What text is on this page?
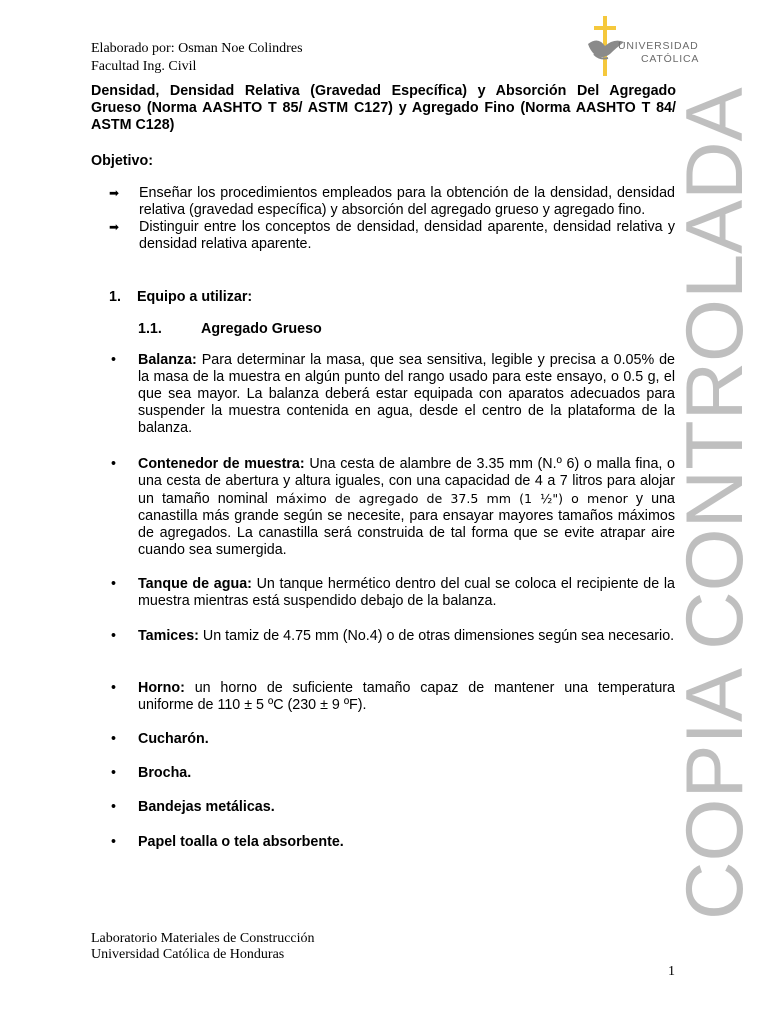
Elaborado por: Osman Noe Colindres
Facultad Ing. Civil
UNIVERSIDAD
CATÓLICA
Densidad, Densidad Relativa (Gravedad Específica) y Absorción Del Agregado Grueso (Norma AASHTO T 85/ ASTM C127) y Agregado Fino (Norma AASHTO T 84/ ASTM C128)
Objetivo:
➡ Enseñar los procedimientos empleados para la obtención de la densidad, densidad relativa (gravedad específica) y absorción del agregado grueso y agregado fino.
➡ Distinguir entre los conceptos de densidad, densidad aparente, densidad relativa y densidad relativa aparente.
1. Equipo a utilizar:
1.1.	Agregado Grueso
• Balanza: Para determinar la masa, que sea sensitiva, legible y precisa a 0.05% de la masa de la muestra en algún punto del rango usado para este ensayo, o 0.5 g, el que sea mayor. La balanza deberá estar equipada con aparatos adecuados para suspender la muestra contenida en agua, desde el centro de la plataforma de la balanza.
• Contenedor de muestra: Una cesta de alambre de 3.35 mm (N.º 6) o malla fina, o una cesta de abertura y altura iguales, con una capacidad de 4 a 7 litros para alojar un tamaño nominal máximo de agregado de 37.5 mm (1 ½") o menor y una canastilla más grande según se necesite, para ensayar mayores tamaños máximos de agregados. La canastilla será construida de tal forma que se evite atrapar aire cuando sea sumergida.
• Tanque de agua: Un tanque hermético dentro del cual se coloca el recipiente de la muestra mientras está suspendido debajo de la balanza.
• Tamices: Un tamiz de 4.75 mm (No.4) o de otras dimensiones según sea necesario.
• Horno: un horno de suficiente tamaño capaz de mantener una temperatura uniforme de 110 ± 5 ºC (230 ± 9 ºF).
• Cucharón.
• Brocha.
• Bandejas metálicas.
• Papel toalla o tela absorbente.	COPIA CONTROLADA
Laboratorio Materiales de Construcción
Universidad Católica de Honduras
1
